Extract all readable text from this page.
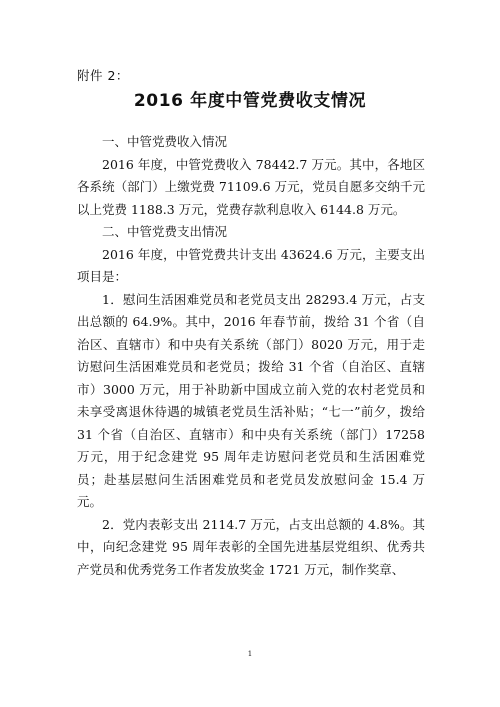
附件 2：
2016 年度中管党费收支情况
一、中管党费收入情况

2016 年度，中管党费收入 78442.7 万元。其中，各地区各系统（部门）上缴党费 71109.6 万元，党员自愿多交纳千元以上党费 1188.3 万元，党费存款利息收入 6144.8 万元。

二、中管党费支出情况

2016 年度，中管党费共计支出 43624.6 万元，主要支出项目是：

1．慰问生活困难党员和老党员支出 28293.4 万元，占支出总额的 64.9%。其中，2016 年春节前，拨给 31 个省（自治区、直辖市）和中央有关系统（部门）8020 万元，用于走访慰问生活困难党员和老党员；拨给 31 个省（自治区、直辖市）3000 万元，用于补助新中国成立前入党的农村老党员和未享受离退休待遇的城镇老党员生活补贴；“七一”前夕，拨给 31 个省（自治区、直辖市）和中央有关系统（部门）17258 万元，用于纪念建党 95 周年走访慰问老党员和生活困难党员；赴基层慰问生活困难党员和老党员发放慰问金 15.4 万元。

2．党内表彰支出 2114.7 万元，占支出总额的 4.8%。其中，向纪念建党 95 周年表彰的全国先进基层党组织、优秀共产党员和优秀党务工作者发放奖金 1721 万元，制作奖章、

1
